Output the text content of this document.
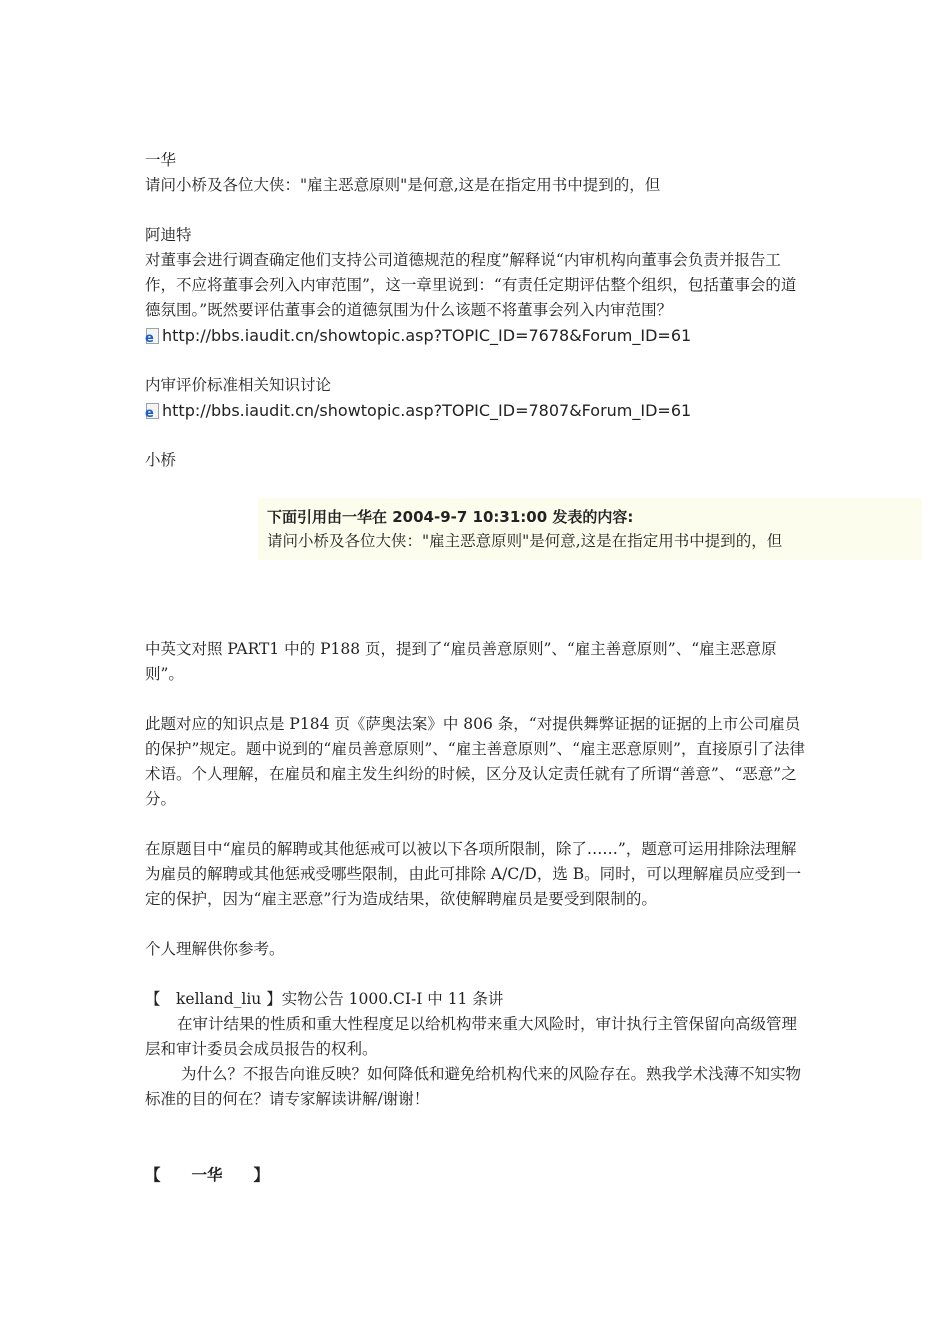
一华
请问小桥及各位大侠："雇主恶意原则"是何意,这是在指定用书中提到的，但
阿迪特
对董事会进行调查确定他们支持公司道德规范的程度”解释说“内审机构向董事会负责并报告工作，不应将董事会列入内审范围”，这一章里说到：“有责任定期评估整个组织，包括董事会的道德氛围。”既然要评估董事会的道德氛围为什么该题不将董事会列入内审范围？
e http://bbs.iaudit.cn/showtopic.asp?TOPIC_ID=7678&Forum_ID=61
内审评价标准相关知识讨论
e http://bbs.iaudit.cn/showtopic.asp?TOPIC_ID=7807&Forum_ID=61
小桥
下面引用由一华在 2004-9-7 10:31:00 发表的内容:
请问小桥及各位大侠："雇主恶意原则"是何意,这是在指定用书中提到的，但
中英文对照 PART1 中的 P188 页，提到了“雇员善意原则”、“雇主善意原则”、“雇主恶意原则”。
此题对应的知识点是 P184 页《萨奥法案》中 806 条，“对提供舞弊证据的证据的上市公司雇员的保护”规定。题中说到的“雇员善意原则”、“雇主善意原则”、“雇主恶意原则”，直接原引了法律术语。个人理解，在雇员和雇主发生纠纷的时候，区分及认定责任就有了所谓“善意”、“恶意”之分。
在原题目中“雇员的解聘或其他惩戒可以被以下各项所限制，除了……”，题意可运用排除法理解为雇员的解聘或其他惩戒受哪些限制，由此可排除 A/C/D，选 B。同时，可以理解雇员应受到一定的保护，因为“雇主恶意”行为造成结果，欲使解聘雇员是要受到限制的。
个人理解供你参考。
【　kelland_liu 】实物公告 1000.CI-I 中 11 条讲
在审计结果的性质和重大性程度足以给机构带来重大风险时，审计执行主管保留向高级管理层和审计委员会成员报告的权利。
为什么？不报告向谁反映？如何降低和避免给机构代来的风险存在。熟我学术浅薄不知实物标准的目的何在？请专家解读讲解/谢谢！
【　　一华　　】
